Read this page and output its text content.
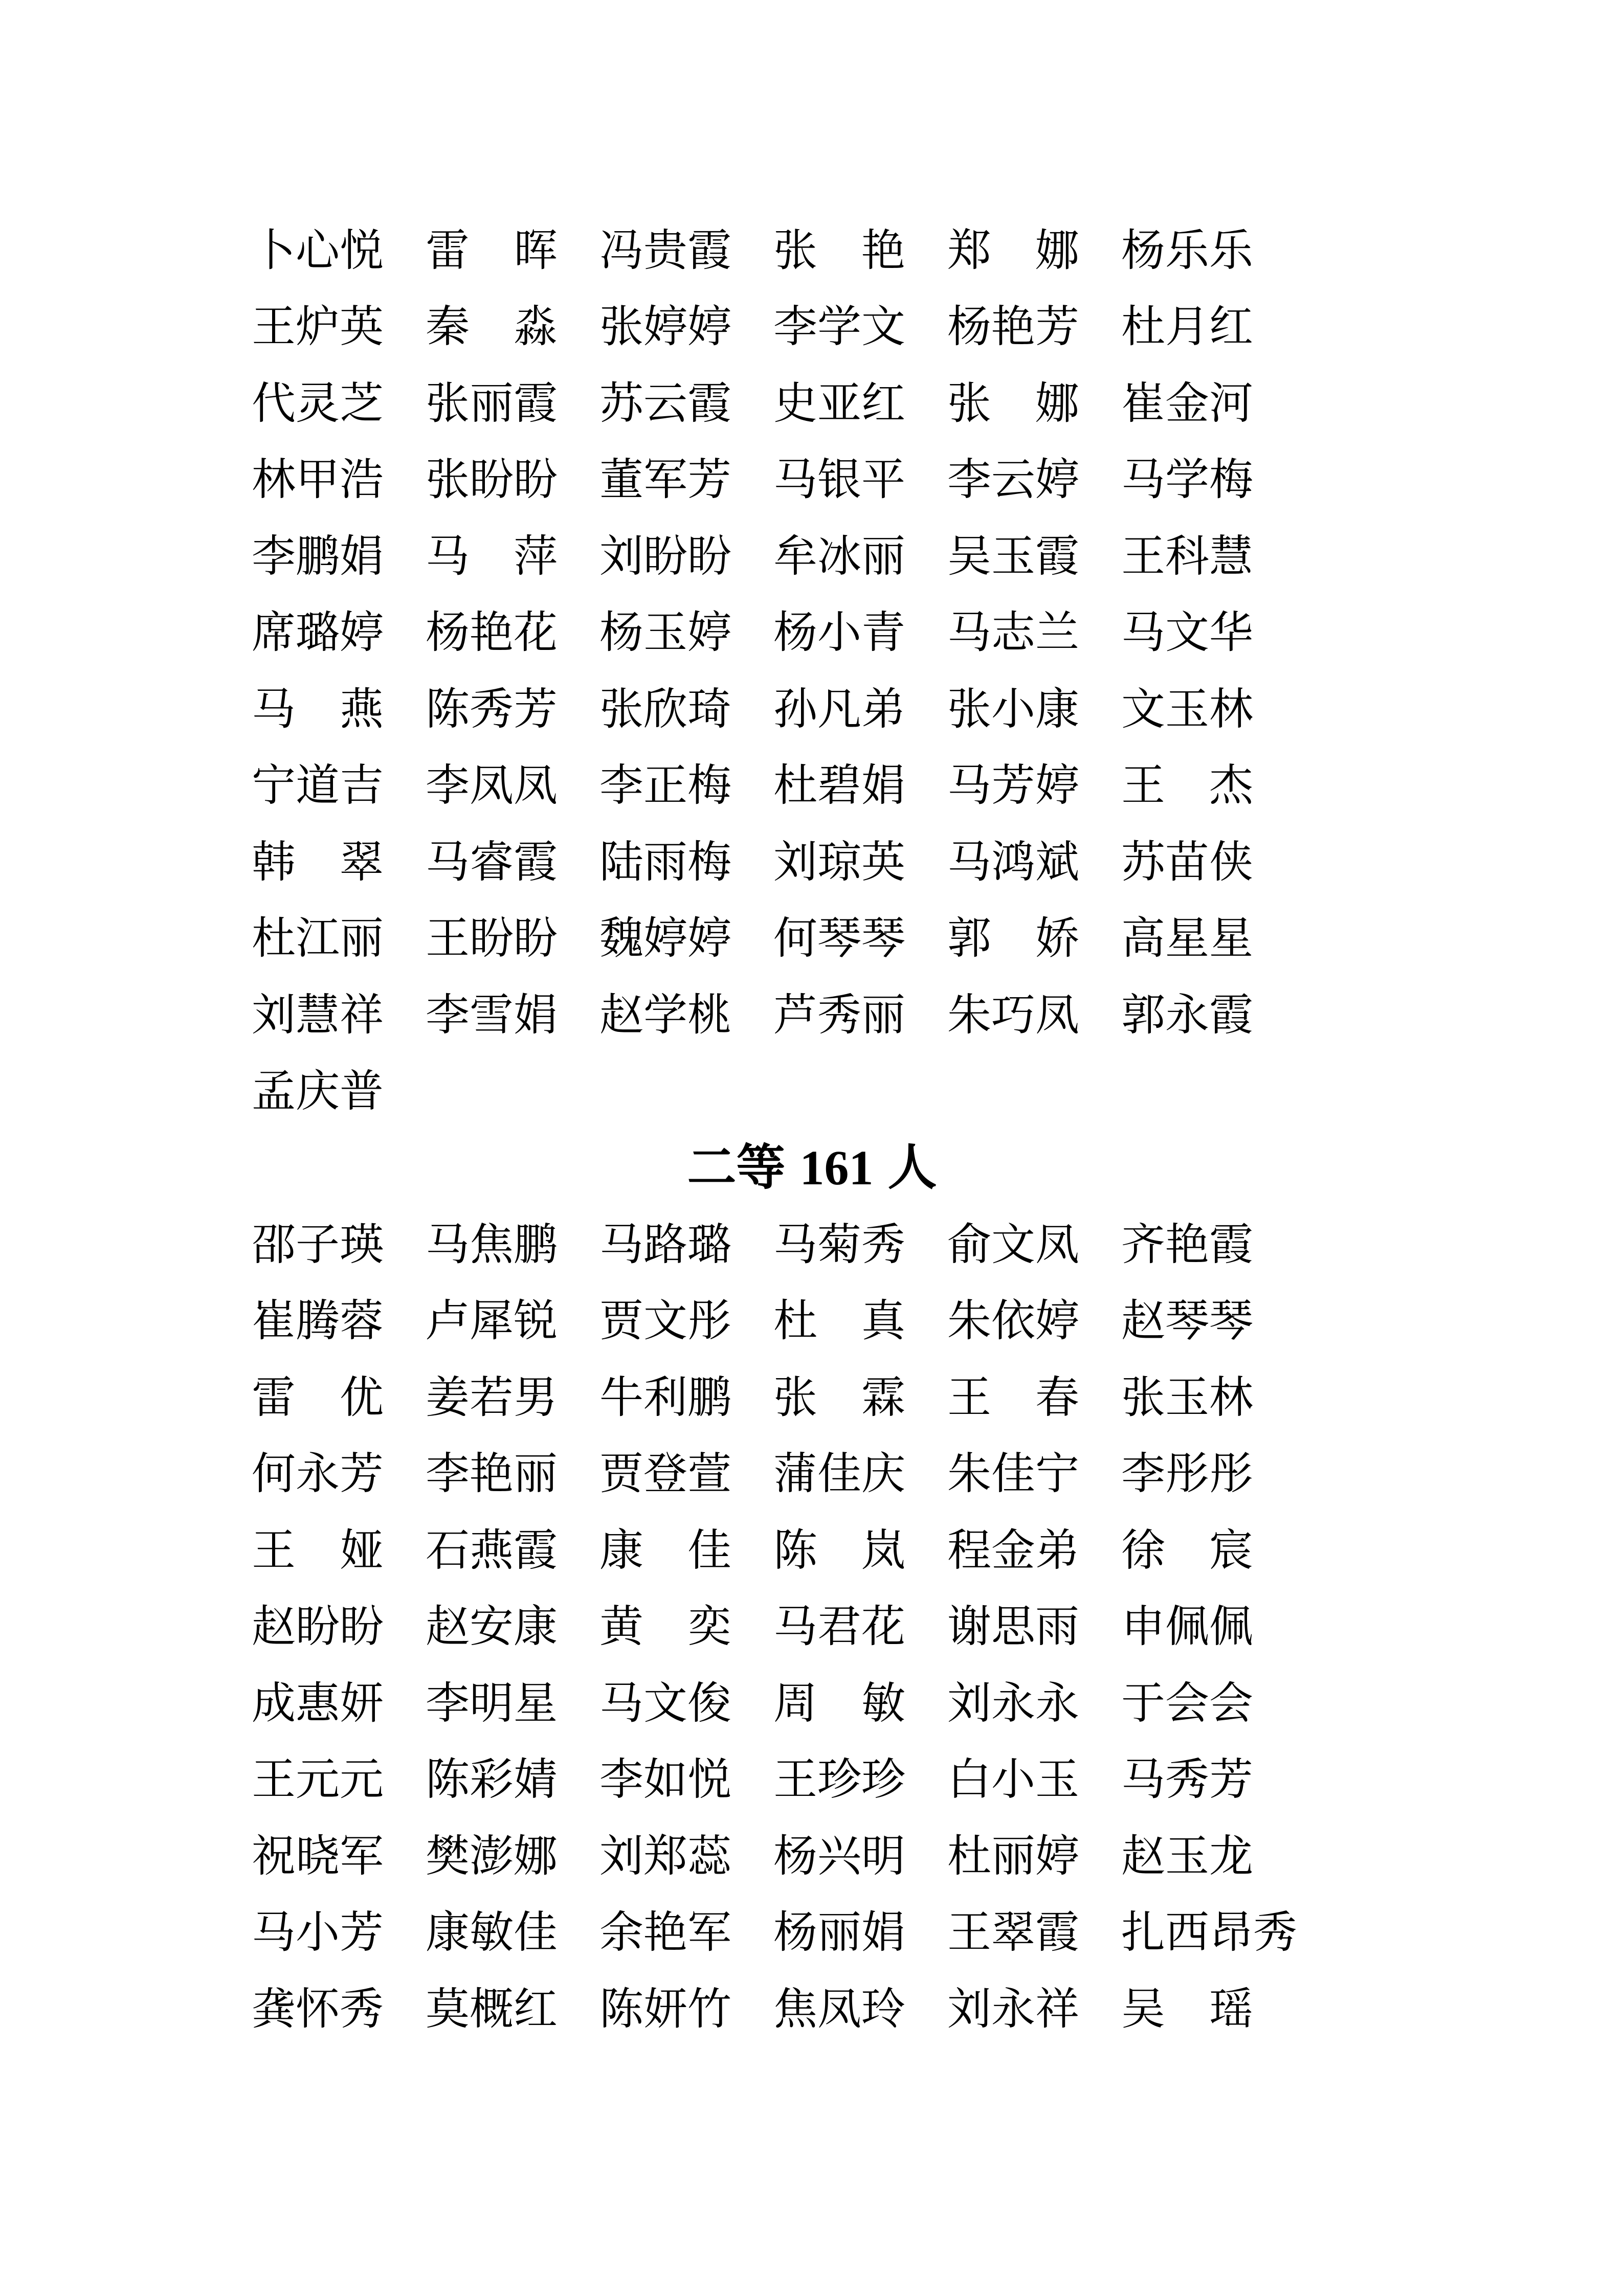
卜心悦 雷　晖 冯贵霞 张　艳 郑　娜 杨乐乐
王炉英 秦　淼 张婷婷 李学文 杨艳芳 杜月红
代灵芝 张丽霞 苏云霞 史亚红 张　娜 崔金河
林甲浩 张盼盼 董军芳 马银平 李云婷 马学梅
李鹏娟 马　萍 刘盼盼 牟冰丽 吴玉霞 王科慧
席璐婷 杨艳花 杨玉婷 杨小青 马志兰 马文华
马　燕 陈秀芳 张欣琦 孙凡弟 张小康 文玉林
宁道吉 李凤凤 李正梅 杜碧娟 马芳婷 王　杰
韩　翠 马睿霞 陆雨梅 刘琼英 马鸿斌 苏苗侠
杜江丽 王盼盼 魏婷婷 何琴琴 郭　娇 高星星
刘慧祥 李雪娟 赵学桃 芦秀丽 朱巧凤 郭永霞
孟庆普
二等 161 人
邵子瑛 马焦鹏 马路璐 马菊秀 俞文凤 齐艳霞
崔腾蓉 卢犀锐 贾文彤 杜　真 朱依婷 赵琴琴
雷　优 姜若男 牛利鹏 张　霖 王　春 张玉林
何永芳 李艳丽 贾登萱 蒲佳庆 朱佳宁 李彤彤
王　娅 石燕霞 康　佳 陈　岚 程金弟 徐　宸
赵盼盼 赵安康 黄　奕 马君花 谢思雨 申佩佩
成惠妍 李明星 马文俊 周　敏 刘永永 于会会
王元元 陈彩婧 李如悦 王珍珍 白小玉 马秀芳
祝晓军 樊澎娜 刘郑蕊 杨兴明 杜丽婷 赵玉龙
马小芳 康敏佳 余艳军 杨丽娟 王翠霞 扎西昂秀
龚怀秀 莫概红 陈妍竹 焦凤玲 刘永祥 吴　瑶
